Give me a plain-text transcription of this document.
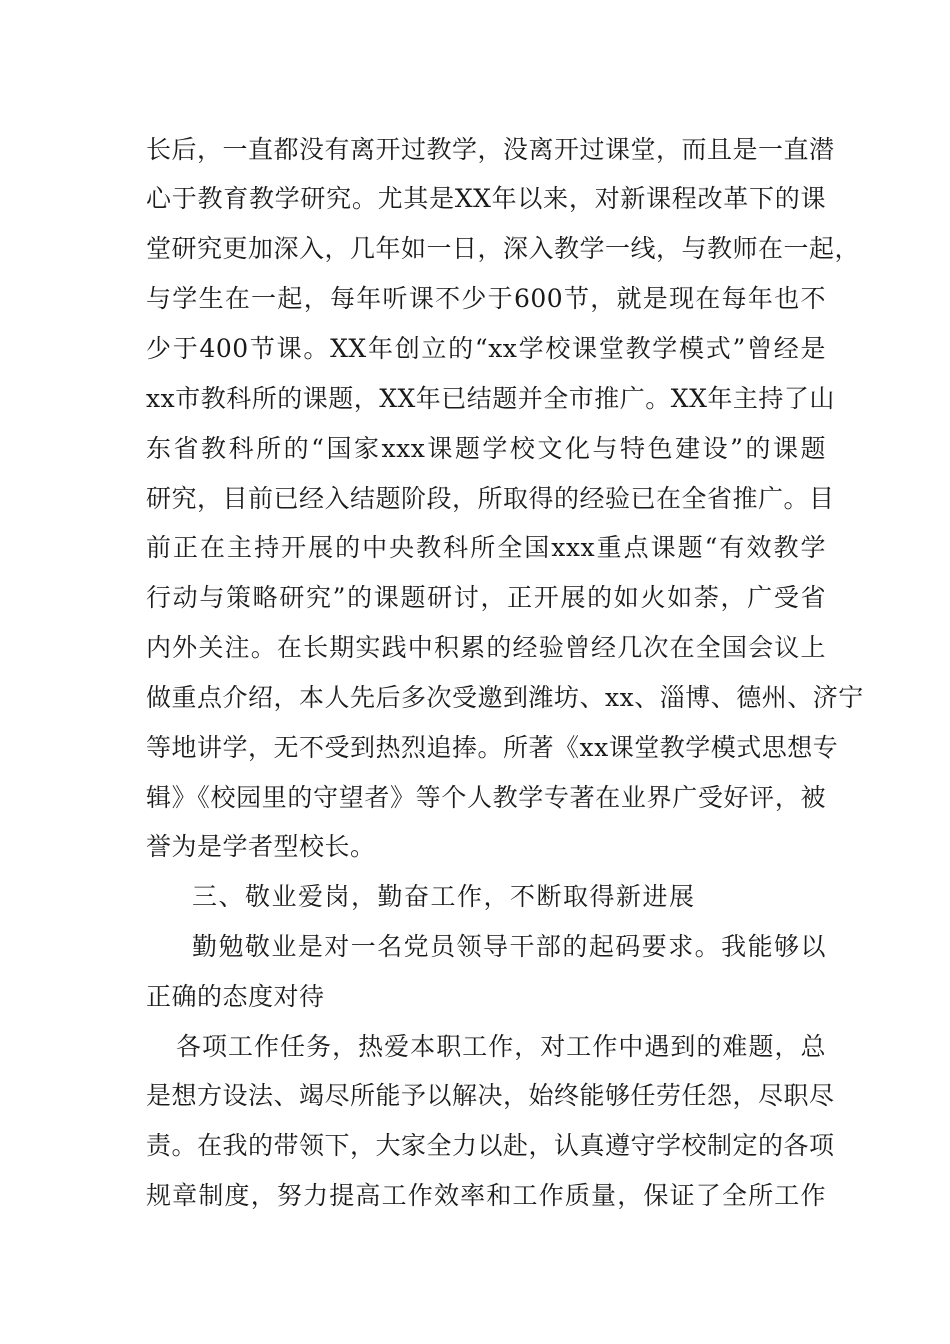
长后，一直都没有离开过教学，没离开过课堂，而且是一直潜
心于教育教学研究。尤其是XX年以来，对新课程改革下的课
堂研究更加深入，几年如一日，深入教学一线，与教师在一起，
与学生在一起，每年听课不少于600节，就是现在每年也不
少于400节课。XX年创立的“xx学校课堂教学模式”曾经是
xx市教科所的课题，XX年已结题并全市推广。XX年主持了山
东省教科所的“国家xxx课题学校文化与特色建设”的课题
研究，目前已经入结题阶段，所取得的经验已在全省推广。目
前正在主持开展的中央教科所全国xxx重点课题“有效教学
行动与策略研究”的课题研讨，正开展的如火如荼，广受省
内外关注。在长期实践中积累的经验曾经几次在全国会议上
做重点介绍，本人先后多次受邀到潍坊、xx、淄博、德州、济宁
等地讲学，无不受到热烈追捧。所著《xx课堂教学模式思想专
辑》《校园里的守望者》等个人教学专著在业界广受好评，被
誉为是学者型校长。
三、敬业爱岗，勤奋工作，不断取得新进展
勤勉敬业是对一名党员领导干部的起码要求。我能够以
正确的态度对待
各项工作任务，热爱本职工作，对工作中遇到的难题，总
是想方设法、竭尽所能予以解决，始终能够任劳任怨，尽职尽
责。在我的带领下，大家全力以赴，认真遵守学校制定的各项
规章制度，努力提高工作效率和工作质量，保证了全所工作
